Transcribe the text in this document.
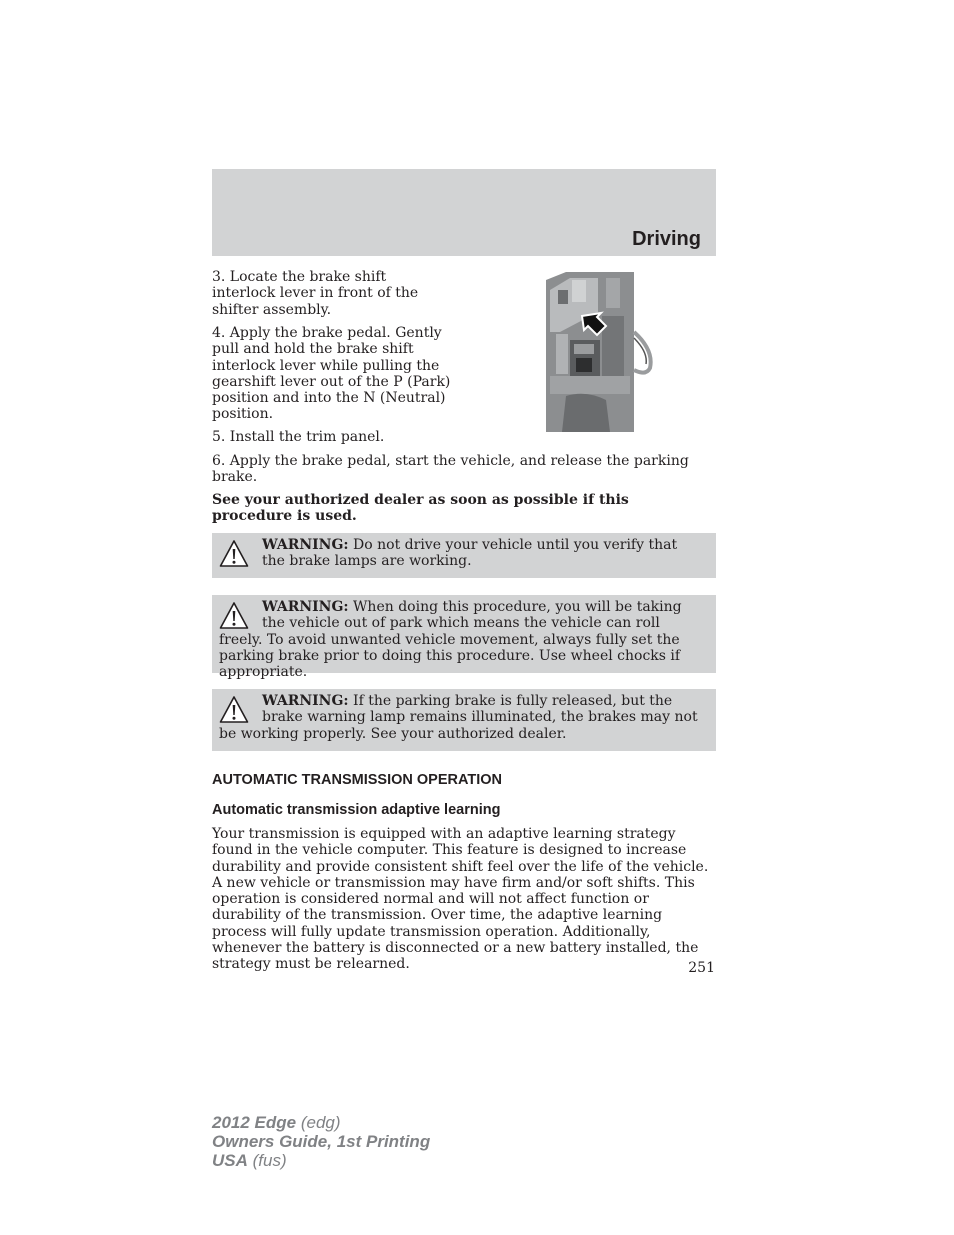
Driving

3. Locate the brake shift interlock lever in front of the shifter assembly.

4. Apply the brake pedal. Gently pull and hold the brake shift interlock lever while pulling the gearshift lever out of the P (Park) position and into the N (Neutral) position.

5. Install the trim panel.

6. Apply the brake pedal, start the vehicle, and release the parking brake.

See your authorized dealer as soon as possible if this procedure is used.

WARNING: Do not drive your vehicle until you verify that the brake lamps are working.

WARNING: When doing this procedure, you will be taking the vehicle out of park which means the vehicle can roll freely. To avoid unwanted vehicle movement, always fully set the parking brake prior to doing this procedure. Use wheel chocks if appropriate.

WARNING: If the parking brake is fully released, but the brake warning lamp remains illuminated, the brakes may not be working properly. See your authorized dealer.

AUTOMATIC TRANSMISSION OPERATION
Automatic transmission adaptive learning

Your transmission is equipped with an adaptive learning strategy found in the vehicle computer. This feature is designed to increase durability and provide consistent shift feel over the life of the vehicle. A new vehicle or transmission may have firm and/or soft shifts. This operation is considered normal and will not affect function or durability of the transmission. Over time, the adaptive learning process will fully update transmission operation. Additionally, whenever the battery is disconnected or a new battery installed, the strategy must be relearned.	251
2012 Edge (edg)
Owners Guide, 1st Printing
USA (fus)
